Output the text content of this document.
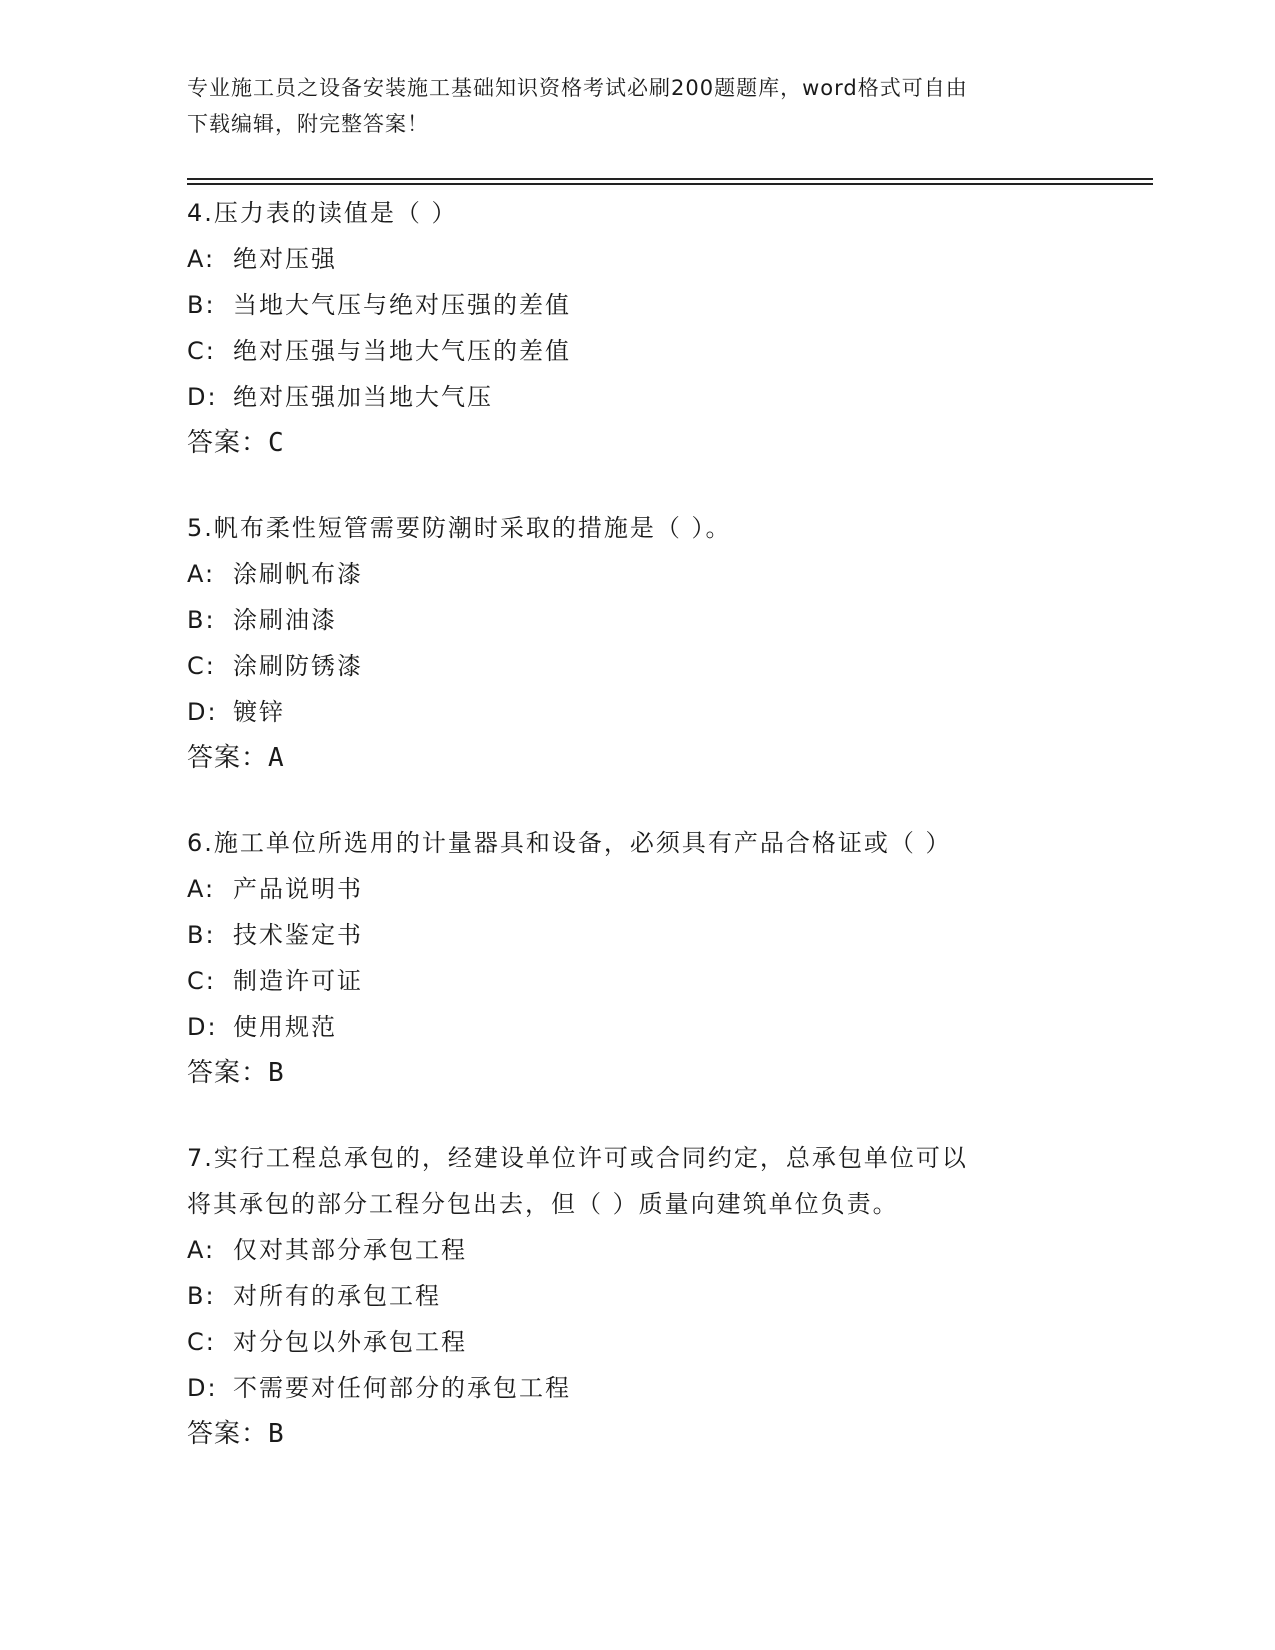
专业施工员之设备安装施工基础知识资格考试必刷200题题库，word格式可自由
下载编辑，附完整答案！
4.压力表的读值是（ ）
A: 绝对压强
B: 当地大气压与绝对压强的差值
C: 绝对压强与当地大气压的差值
D: 绝对压强加当地大气压
答案：C
5.帆布柔性短管需要防潮时采取的措施是（ ）。
A: 涂刷帆布漆
B: 涂刷油漆
C: 涂刷防锈漆
D: 镀锌
答案：A
6.施工单位所选用的计量器具和设备，必须具有产品合格证或（ ）
A: 产品说明书
B: 技术鉴定书
C: 制造许可证
D: 使用规范
答案：B
7.实行工程总承包的，经建设单位许可或合同约定，总承包单位可以
将其承包的部分工程分包出去，但（ ）质量向建筑单位负责。
A: 仅对其部分承包工程
B: 对所有的承包工程
C: 对分包以外承包工程
D: 不需要对任何部分的承包工程
答案：B
